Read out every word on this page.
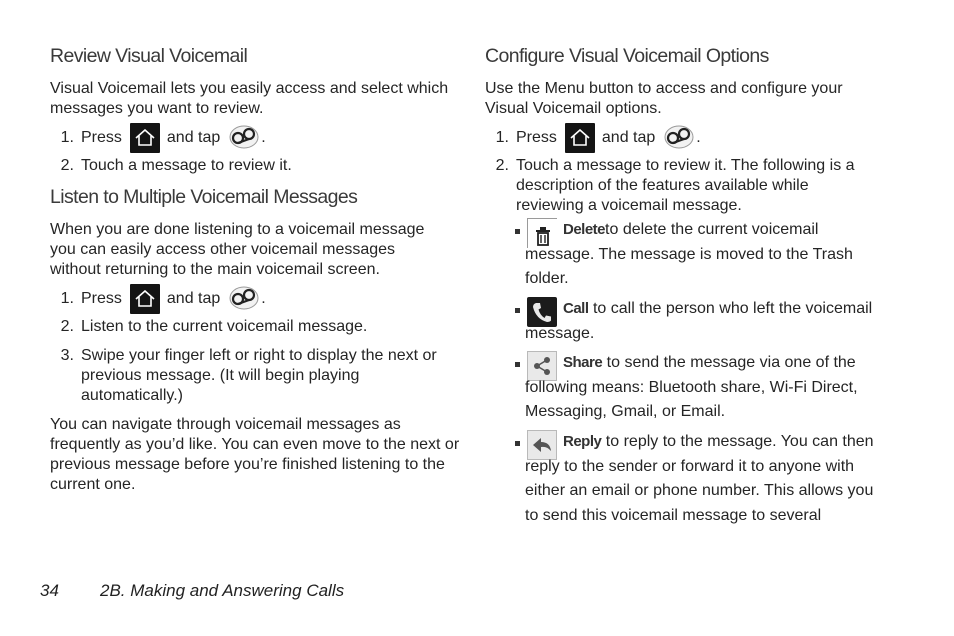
Review Visual Voicemail
Visual Voicemail lets you easily access and select which messages you want to review.
1. Press	and tap	.
2. Touch a message to review it.
Listen to Multiple Voicemail Messages
When you are done listening to a voicemail message you can easily access other voicemail messages without returning to the main voicemail screen.
1. Press	and tap	.
2. Listen to the current voicemail message.
3. Swipe your finger left or right to display the next or previous message. (It will begin playing automatically.)
You can navigate through voicemail messages as frequently as you’d like. You can even move to the next or previous message before you’re finished listening to the current one.
Configure Visual Voicemail Options
Use the Menu button to access and configure your Visual Voicemail options.
1. Press	and tap	.
2. Touch a message to review it. The following is a description of the features available while reviewing a voicemail message.
Deleteto delete the current voicemail
message. The message is moved to the Trash
folder.
Call to call the person who left the voicemail
message.
Share to send the message via one of the
following means: Bluetooth share, Wi-Fi Direct,
Messaging, Gmail, or Email.
Reply to reply to the message. You can then
reply to the sender or forward it to anyone with
either an email or phone number. This allows you
to send this voicemail message to several
34 2B. Making and Answering Calls
